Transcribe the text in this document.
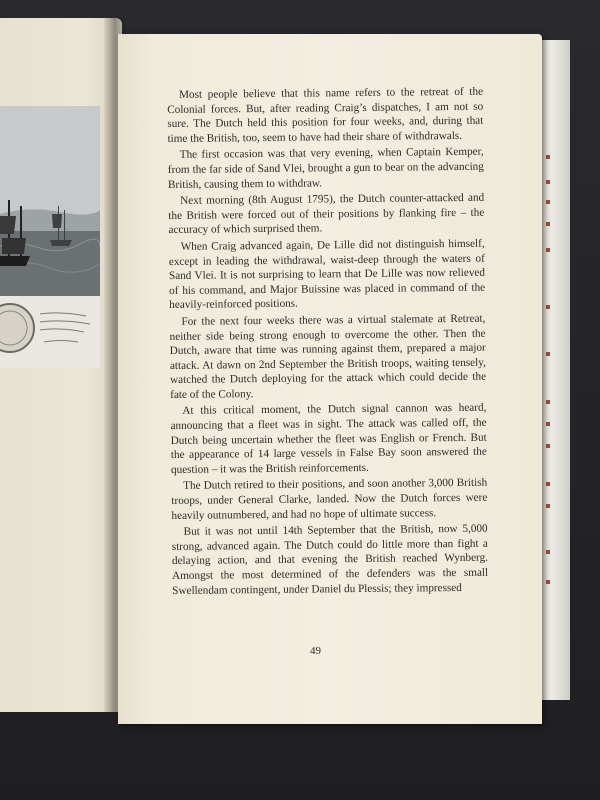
Most people believe that this name refers to the retreat of the Colonial forces. But, after reading Craig’s dispatches, I am not so sure. The Dutch held this position for four weeks, and, during that time the British, too, seem to have had their share of withdrawals.

The first occasion was that very evening, when Captain Kemper, from the far side of Sand Vlei, brought a gun to bear on the advancing British, causing them to withdraw.

Next morning (8th August 1795), the Dutch counter-attacked and the British were forced out of their positions by flanking fire – the accuracy of which surprised them.

When Craig advanced again, De Lille did not distinguish himself, except in leading the withdrawal, waist-deep through the waters of Sand Vlei. It is not surprising to learn that De Lille was now relieved of his command, and Major Buissine was placed in command of the heavily-reinforced positions.

For the next four weeks there was a virtual stalemate at Retreat, neither side being strong enough to overcome the other. Then the Dutch, aware that time was running against them, prepared a major attack. At dawn on 2nd September the British troops, waiting tensely, watched the Dutch deploying for the attack which could decide the fate of the Colony.

At this critical moment, the Dutch signal cannon was heard, announcing that a fleet was in sight. The attack was called off, the Dutch being uncertain whether the fleet was English or French. But the appearance of 14 large vessels in False Bay soon answered the question – it was the British reinforcements.

The Dutch retired to their positions, and soon another 3,000 British troops, under General Clarke, landed. Now the Dutch forces were heavily outnumbered, and had no hope of ultimate success.

But it was not until 14th September that the British, now 5,000 strong, advanced again. The Dutch could do little more than fight a delaying action, and that evening the British reached Wynberg. Amongst the most determined of the defenders was the small Swellendam contingent, under Daniel du Plessis; they impressed

49
